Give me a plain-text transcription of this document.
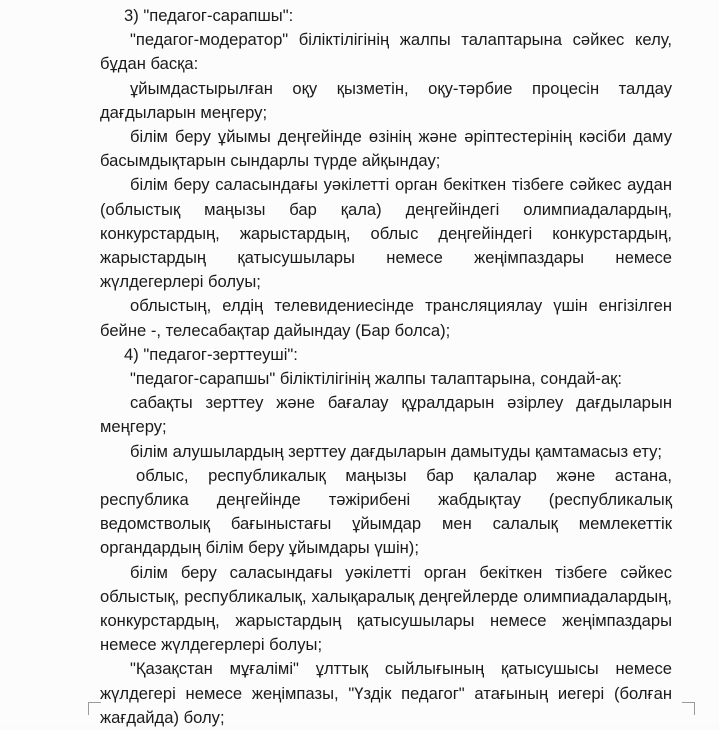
3) "педагог-сарапшы":

"педагог-модератор" біліктілігінің жалпы талаптарына сәйкес келу, бұдан басқа:

ұйымдастырылған оқу қызметін, оқу-тәрбие процесін талдау дағдыларын меңгеру;

білім беру ұйымы деңгейінде өзінің және әріптестерінің кәсіби даму басымдықтарын сындарлы түрде айқындау;

білім беру саласындағы уәкілетті орган бекіткен тізбеге сәйкес аудан (облыстық маңызы бар қала) деңгейіндегі олимпиадалардың, конкурстардың, жарыстардың, облыс деңгейіндегі конкурстардың, жарыстардың қатысушылары немесе жеңімпаздары немесе жүлдегерлері болуы;

облыстың, елдің телевидениесінде трансляциялау үшін енгізілген бейне -, телесабақтар дайындау (Бар болса);

4) "педагог-зерттеуші":

"педагог-сарапшы" біліктілігінің жалпы талаптарына, сондай-ақ:

сабақты зерттеу және бағалау құралдарын әзірлеу дағдыларын меңгеру;

білім алушылардың зерттеу дағдыларын дамытуды қамтамасыз ету;

облыс, республикалық маңызы бар қалалар және астана, республика деңгейінде тәжірибені жабдықтау (республикалық ведомстволық бағыныстағы ұйымдар мен салалық мемлекеттік органдардың білім беру ұйымдары үшін);

білім беру саласындағы уәкілетті орган бекіткен тізбеге сәйкес облыстық, республикалық, халықаралық деңгейлерде олимпиадалардың, конкурстардың, жарыстардың қатысушылары немесе жеңімпаздары немесе жүлдегерлері болуы;

"Қазақстан мұғалімі" ұлттық сыйлығының қатысушысы немесе жүлдегері немесе жеңімпазы, "Үздік педагог" атағының иегері (болған жағдайда) болу;
